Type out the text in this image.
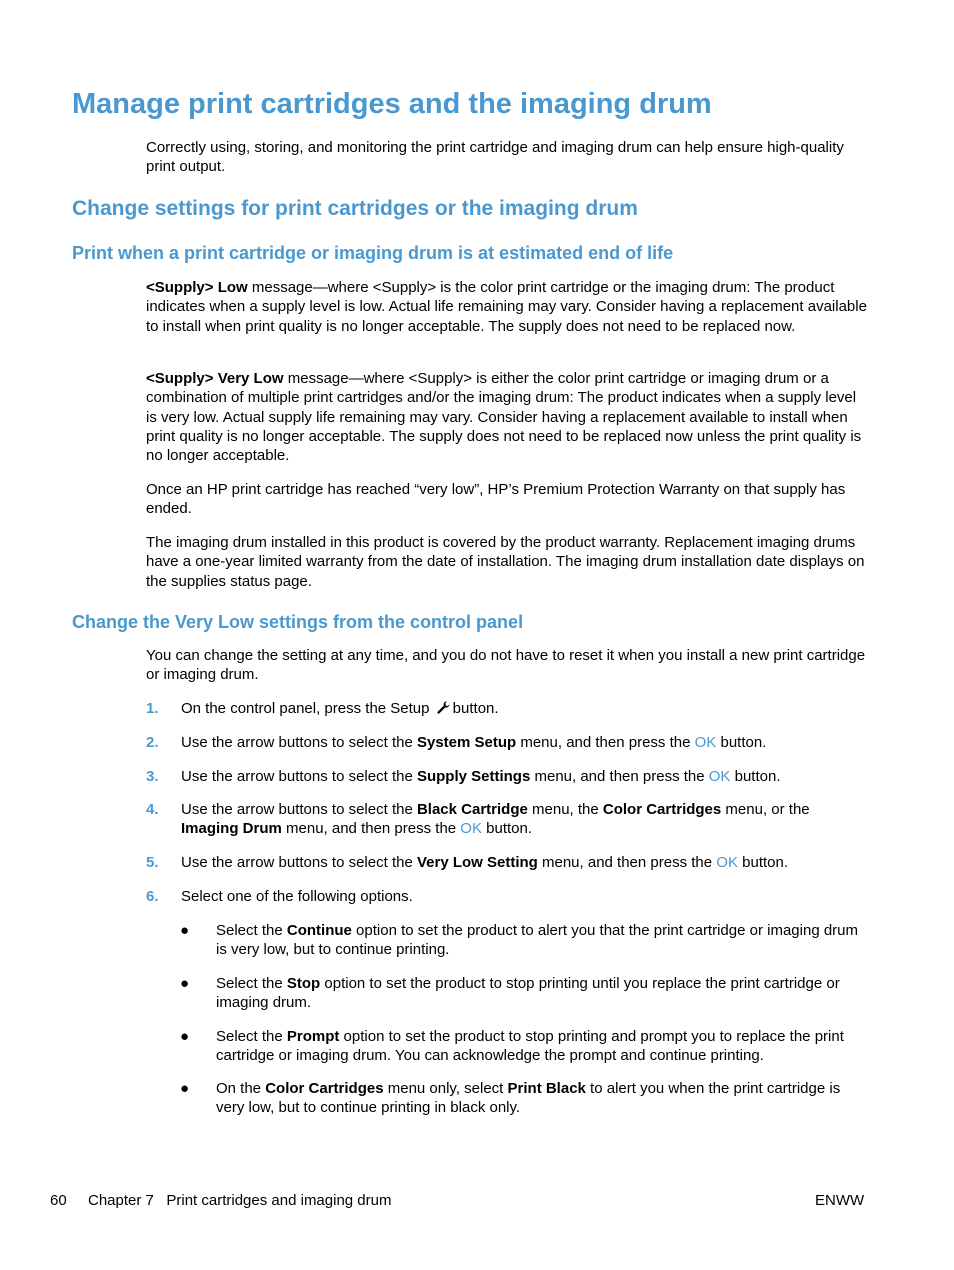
Manage print cartridges and the imaging drum

Correctly using, storing, and monitoring the print cartridge and imaging drum can help ensure high-quality print output.

Change settings for print cartridges or the imaging drum
Print when a print cartridge or imaging drum is at estimated end of life

<Supply> Low message—where <Supply> is the color print cartridge or the imaging drum: The product indicates when a supply level is low. Actual life remaining may vary. Consider having a replacement available to install when print quality is no longer acceptable. The supply does not need to be replaced now.

<Supply> Very Low message—where <Supply> is either the color print cartridge or imaging drum or a combination of multiple print cartridges and/or the imaging drum: The product indicates when a supply level is very low. Actual supply life remaining may vary. Consider having a replacement available to install when print quality is no longer acceptable. The supply does not need to be replaced now unless the print quality is no longer acceptable.

Once an HP print cartridge has reached “very low”, HP’s Premium Protection Warranty on that supply has ended.

The imaging drum installed in this product is covered by the product warranty. Replacement imaging drums have a one-year limited warranty from the date of installation. The imaging drum installation date displays on the supplies status page.

Change the Very Low settings from the control panel

You can change the setting at any time, and you do not have to reset it when you install a new print cartridge or imaging drum.

1. On the control panel, press the Setup button.
2. Use the arrow buttons to select the System Setup menu, and then press the OK button.
3. Use the arrow buttons to select the Supply Settings menu, and then press the OK button.
4. Use the arrow buttons to select the Black Cartridge menu, the Color Cartridges menu, or the Imaging Drum menu, and then press the OK button.
5. Use the arrow buttons to select the Very Low Setting menu, and then press the OK button.
6. Select one of the following options.
● Select the Continue option to set the product to alert you that the print cartridge or imaging drum is very low, but to continue printing.
● Select the Stop option to set the product to stop printing until you replace the print cartridge or imaging drum.
● Select the Prompt option to set the product to stop printing and prompt you to replace the print cartridge or imaging drum. You can acknowledge the prompt and continue printing.
● On the Color Cartridges menu only, select Print Black to alert you when the print cartridge is very low, but to continue printing in black only.
60 Chapter 7   Print cartridges and imaging drum	ENWW
